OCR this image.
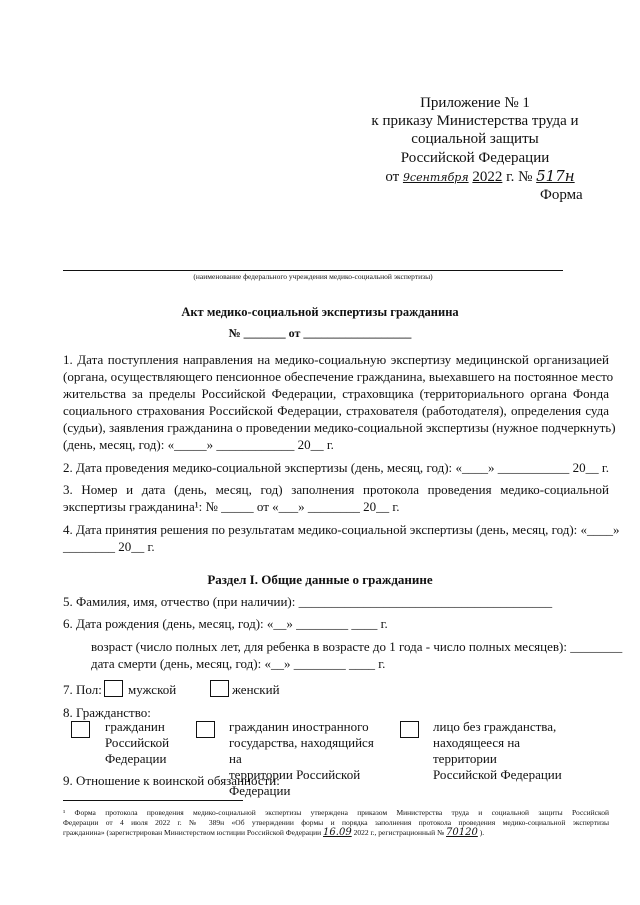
Приложение № 1
к приказу Министерства труда и
социальной защиты
Российской Федерации
от 9сентября 2022 г. № 517н
Форма
(наименование федерального учреждения медико-социальной экспертизы)
Акт медико-социальной экспертизы гражданина
№ _______ от __________________
1. Дата поступления направления на медико-социальную экспертизу медицинской организацией
(органа, осуществляющего пенсионное обеспечение гражданина, выехавшего на постоянное место
жительства за пределы Российской Федерации, страховщика (территориального органа Фонда
социального страхования Российской Федерации, страхователя (работодателя), определения суда
(судьи), заявления гражданина о проведении медико-социальной экспертизы (нужное подчеркнуть)
(день, месяц, год): «_____» ____________ 20__ г.
2. Дата проведения медико-социальной экспертизы (день, месяц, год): «____» ___________ 20__ г.
3. Номер и дата (день, месяц, год) заполнения протокола проведения медико-социальной
экспертизы гражданина¹: № _____ от «___» ________ 20__ г.
4. Дата принятия решения по результатам медико-социальной экспертизы (день, месяц, год): «____»
________ 20__ г.
Раздел I. Общие данные о гражданине
5. Фамилия, имя, отчество (при наличии): _______________________________________
6. Дата рождения (день, месяц, год): «__» ________ ____ г.
возраст (число полных лет, для ребенка в возрасте до 1 года - число полных месяцев): ________
дата смерти (день, месяц, год): «__» ________ ____ г.
7. Пол: мужской	женский
8. Гражданство:
гражданин
Российской
Федерации
гражданин иностранного
государства, находящийся
на
территории Российской
Федерации
лицо без гражданства,
находящееся на
территории
Российской Федерации
9. Отношение к воинской обязанности:
¹ Форма протокола проведения медико-социальной экспертизы утверждена приказом Министерства труда и социальной защиты Российской
Федерации от 4 июля 2022 г. № 389н «Об утверждении формы и порядка заполнения протокола проведения медико-социальной экспертизы
гражданина» (зарегистрирован Министерством юстиции Российской Федерации 16.09 2022 г., регистрационный № 70120 ).
